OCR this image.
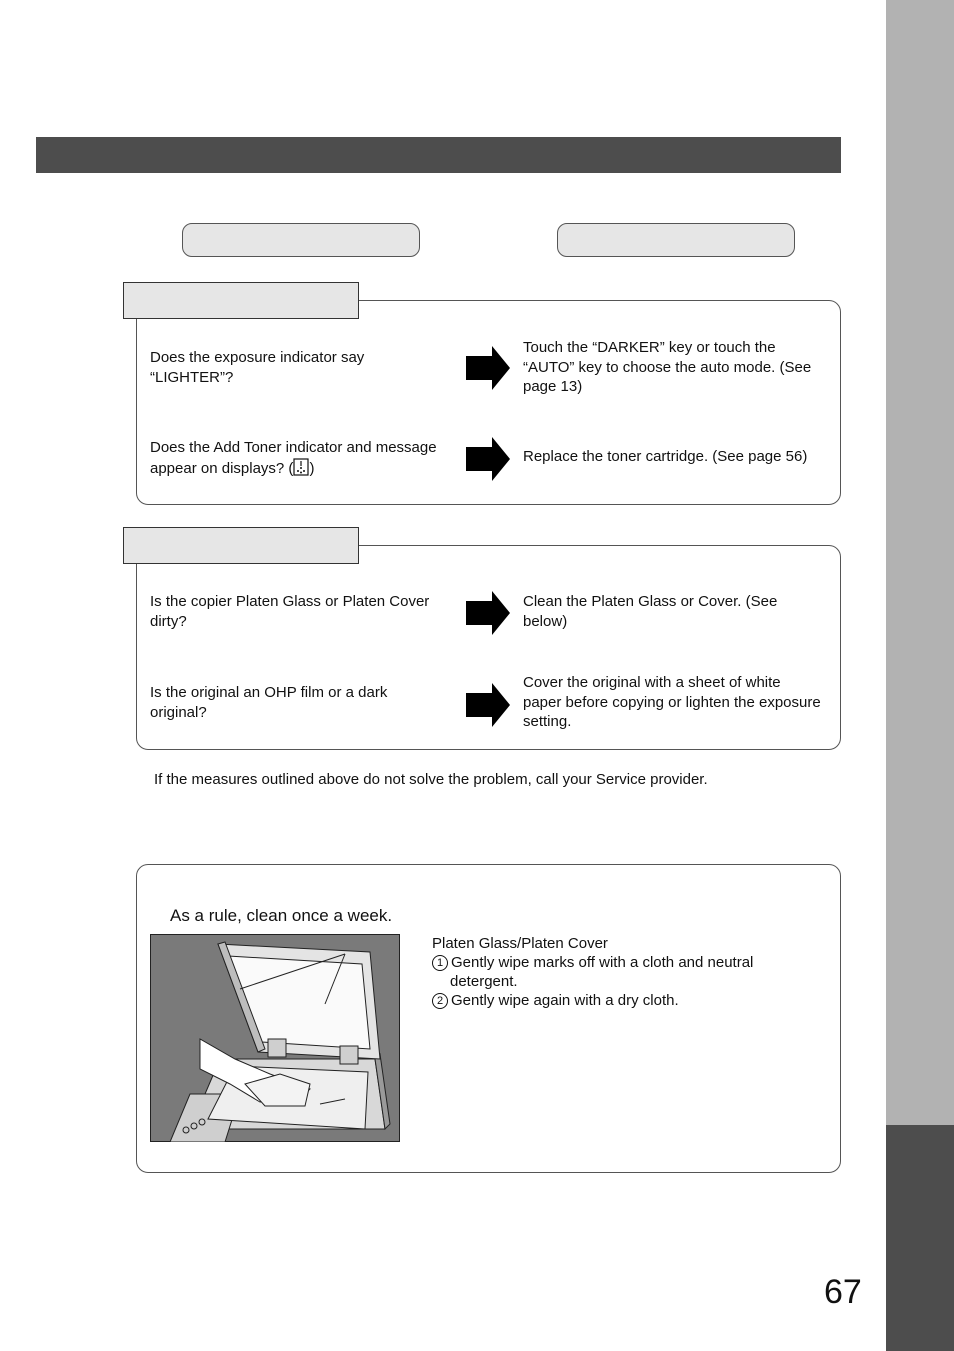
Does the exposure indicator say “LIGHTER”?
Touch the “DARKER” key or touch the “AUTO” key to choose the auto mode. (See page 13)
Does the Add Toner indicator and message appear on displays? ( )
Replace the toner cartridge. (See page 56)
Is the copier Platen Glass or Platen Cover dirty?
Clean the Platen Glass or Cover. (See below)
Is the original an OHP film or a dark original?
Cover the original with a sheet of white paper before copying or lighten the exposure setting.
If the measures outlined above do not solve the problem, call your Service provider.
As a rule, clean once a week.
Platen Glass/Platen Cover
1 Gently wipe marks off with a cloth and neutral
detergent.
2 Gently wipe again with a dry cloth.
67
